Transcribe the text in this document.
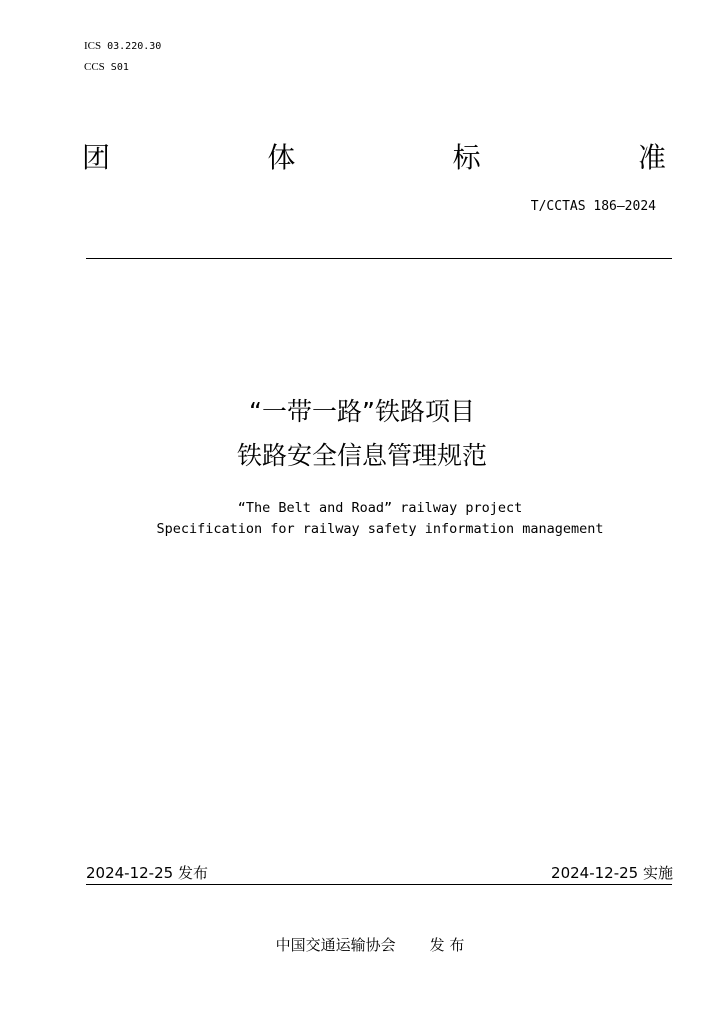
ICS 03.220.30
CCS S01
团	体	标	准
T/CCTAS 186—2024
“一带一路”铁路项目
铁路安全信息管理规范
“The Belt and Road” railway project
Specification for railway safety information management
2024-12-25 发布	2024-12-25 实施
中国交通运输协会 发 布
